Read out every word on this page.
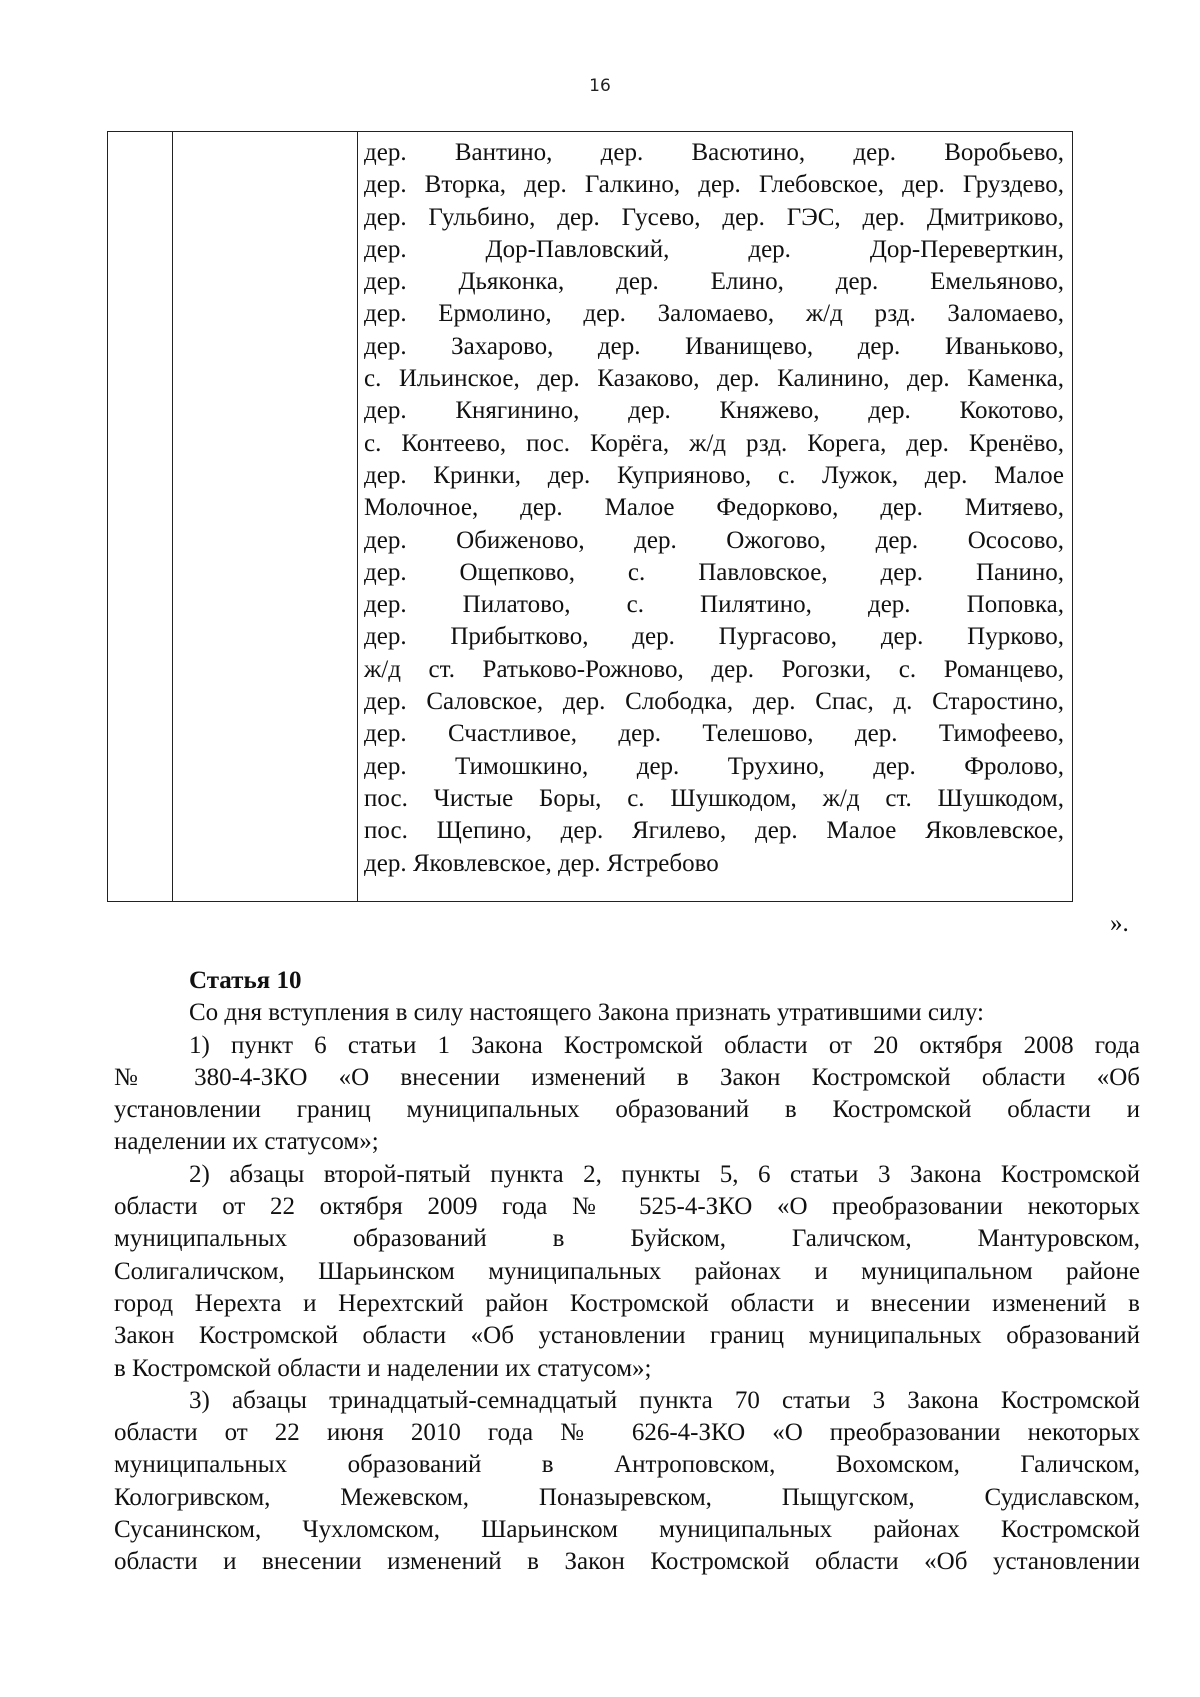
16
дер. Вантино, дер. Васютино, дер. Воробьево,
дер. Вторка, дер. Галкино, дер. Глебовское, дер. Груздево,
дер. Гульбино, дер. Гусево, дер. ГЭС, дер. Дмитриково,
дер. Дор-Павловский, дер. Дор-Переверткин,
дер. Дьяконка, дер. Елино, дер. Емельяново,
дер. Ермолино, дер. Заломаево, ж/д рзд. Заломаево,
дер. Захарово, дер. Иванищево, дер. Иваньково,
с. Ильинское, дер. Казаково, дер. Калинино, дер. Каменка,
дер. Княгинино, дер. Княжево, дер. Кокотово,
с. Контеево, пос. Корёга, ж/д рзд. Корега, дер. Кренёво,
дер. Кринки, дер. Куприяново, с. Лужок, дер. Малое
Молочное, дер. Малое Федорково, дер. Митяево,
дер. Обиженово, дер. Ожогово, дер. Ососово,
дер. Ощепково, с. Павловское, дер. Панино,
дер. Пилатово, с. Пилятино, дер. Поповка,
дер. Прибытково, дер. Пургасово, дер. Пурково,
ж/д ст. Ратьково-Рожново, дер. Рогозки, с. Романцево,
дер. Саловское, дер. Слободка, дер. Спас, д. Старостино,
дер. Счастливое, дер. Телешово, дер. Тимофеево,
дер. Тимошкино, дер. Трухино, дер. Фролово,
пос. Чистые Боры, с. Шушкодом, ж/д ст. Шушкодом,
пос. Щепино, дер. Ягилево, дер. Малое Яковлевское,
дер. Яковлевское, дер. Ястребово
».
Статья 10
Со дня вступления в силу настоящего Закона признать утратившими силу:
1) пункт 6 статьи 1 Закона Костромской области от 20 октября 2008 года
№ 380-4-ЗКО «О внесении изменений в Закон Костромской области «Об
установлении границ муниципальных образований в Костромской области и
наделении их статусом»;
2) абзацы второй-пятый пункта 2, пункты 5, 6 статьи 3 Закона Костромской
области от 22 октября 2009 года № 525-4-ЗКО «О преобразовании некоторых
муниципальных образований в Буйском, Галичском, Мантуровском,
Солигаличском, Шарьинском муниципальных районах и муниципальном районе
город Нерехта и Нерехтский район Костромской области и внесении изменений в
Закон Костромской области «Об установлении границ муниципальных образований
в Костромской области и наделении их статусом»;
3) абзацы тринадцатый-семнадцатый пункта 70 статьи 3 Закона Костромской
области от 22 июня 2010 года № 626-4-ЗКО «О преобразовании некоторых
муниципальных образований в Антроповском, Вохомском, Галичском,
Кологривском, Межевском, Поназыревском, Пыщугском, Судиславском,
Сусанинском, Чухломском, Шарьинском муниципальных районах Костромской
области и внесении изменений в Закон Костромской области «Об установлении
